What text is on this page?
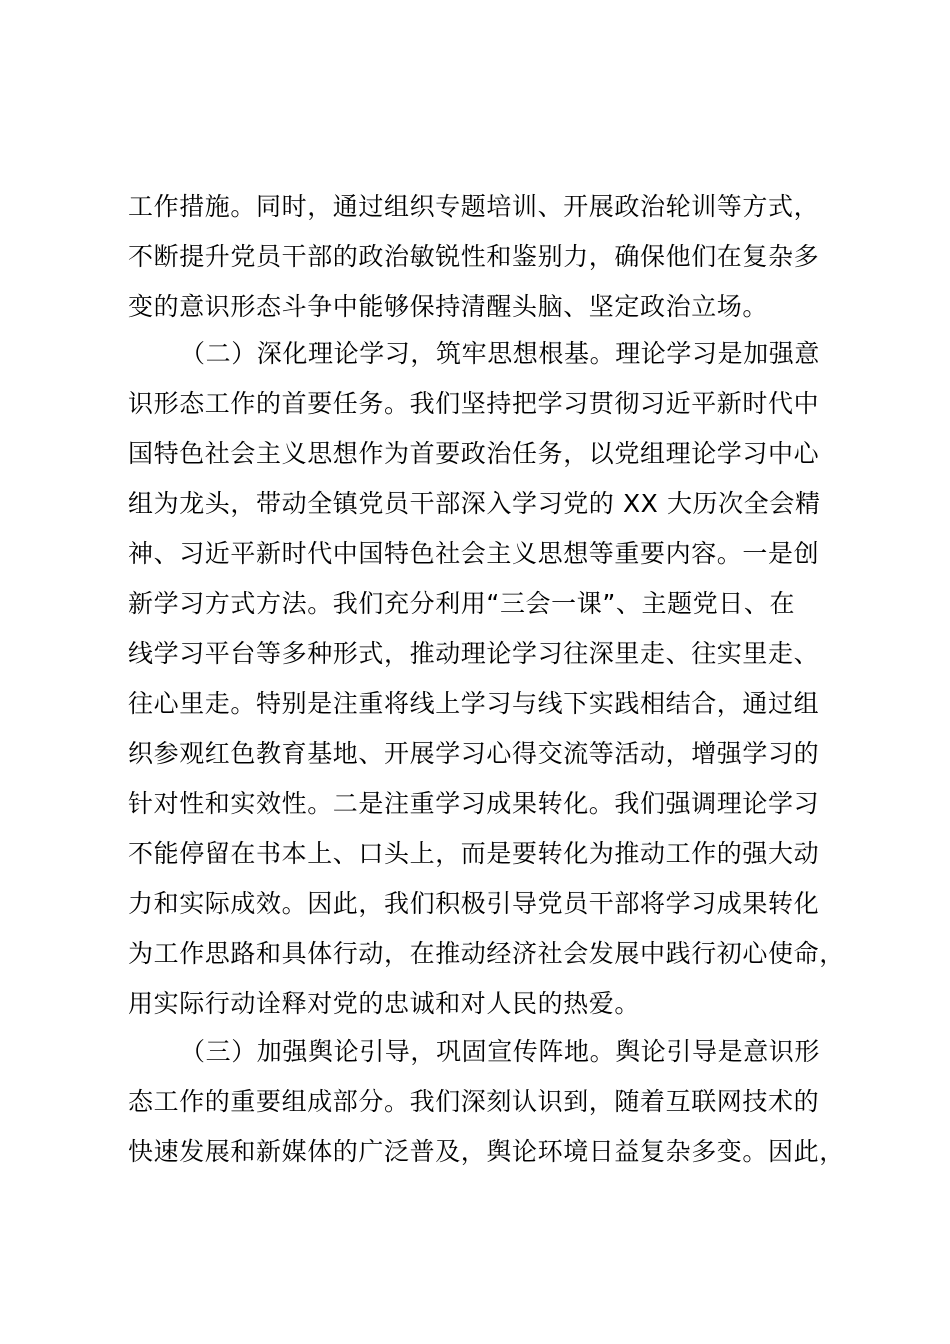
工作措施。同时，通过组织专题培训、开展政治轮训等方式，
不断提升党员干部的政治敏锐性和鉴别力，确保他们在复杂多
变的意识形态斗争中能够保持清醒头脑、坚定政治立场。
（二）深化理论学习，筑牢思想根基。理论学习是加强意
识形态工作的首要任务。我们坚持把学习贯彻习近平新时代中
国特色社会主义思想作为首要政治任务，以党组理论学习中心
组为龙头，带动全镇党员干部深入学习党的 XX 大历次全会精
神、习近平新时代中国特色社会主义思想等重要内容。一是创
新学习方式方法。我们充分利用“三会一课”、主题党日、在
线学习平台等多种形式，推动理论学习往深里走、往实里走、
往心里走。特别是注重将线上学习与线下实践相结合，通过组
织参观红色教育基地、开展学习心得交流等活动，增强学习的
针对性和实效性。二是注重学习成果转化。我们强调理论学习
不能停留在书本上、口头上，而是要转化为推动工作的强大动
力和实际成效。因此，我们积极引导党员干部将学习成果转化
为工作思路和具体行动，在推动经济社会发展中践行初心使命，
用实际行动诠释对党的忠诚和对人民的热爱。
（三）加强舆论引导，巩固宣传阵地。舆论引导是意识形
态工作的重要组成部分。我们深刻认识到，随着互联网技术的
快速发展和新媒体的广泛普及，舆论环境日益复杂多变。因此，
